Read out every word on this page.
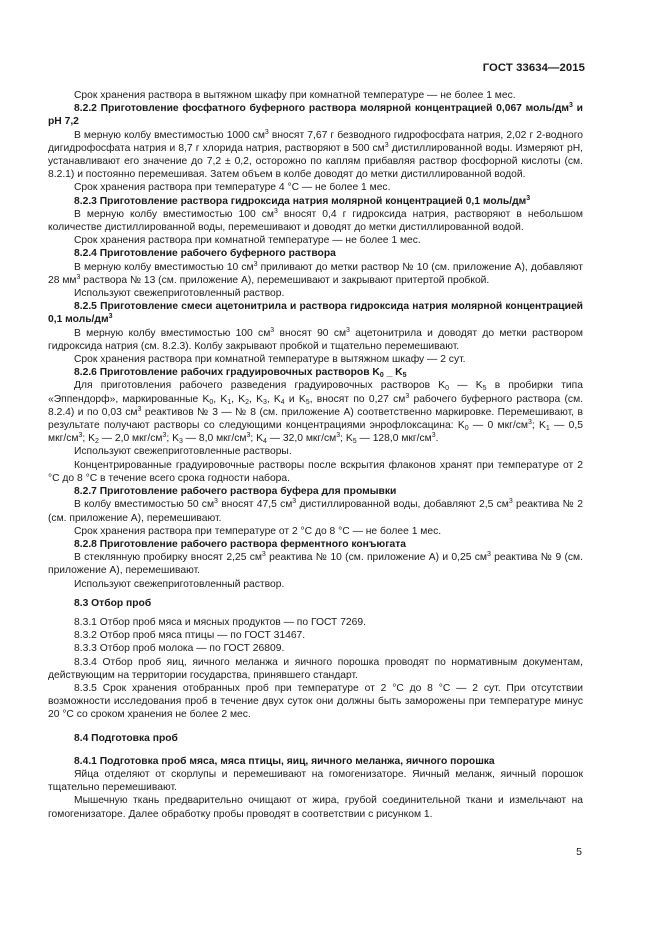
ГОСТ 33634—2015
Срок хранения раствора в вытяжном шкафу при комнатной температуре — не более 1 мес.
8.2.2 Приготовление фосфатного буферного раствора молярной концентрацией 0,067 моль/$дм^3$ и pH 7,2
В мерную колбу вместимостью 1000 $см^3$ вносят 7,67 г безводного гидрофосфата натрия, 2,02 г 2-водного дигидрофосфата натрия и 8,7 г хлорида натрия, растворяют в 500 $см^3$ дистиллированной воды. Измеряют pH, устанавливают его значение до 7,2 ± 0,2, осторожно по каплям прибавляя раствор фосфорной кислоты (см. 8.2.1) и постоянно перемешивая. Затем объем в колбе доводят до метки дистиллированной водой.
Срок хранения раствора при температуре 4 °С — не более 1 мес.
8.2.3 Приготовление раствора гидроксида натрия молярной концентрацией 0,1 моль/$дм^3$
В мерную колбу вместимостью 100 $см^3$ вносят 0,4 г гидроксида натрия, растворяют в небольшом количестве дистиллированной воды, перемешивают и доводят до метки дистиллированной водой.
Срок хранения раствора при комнатной температуре — не более 1 мес.
8.2.4 Приготовление рабочего буферного раствора
В мерную колбу вместимостью 10 $см^3$ приливают до метки раствор № 10 (см. приложение А), добавляют 28 $мм^3$ раствора № 13 (см. приложение А), перемешивают и закрывают притертой пробкой.
Используют свежеприготовленный раствор.
8.2.5 Приготовление смеси ацетонитрила и раствора гидроксида натрия молярной концентрацией 0,1 моль/$дм^3$
В мерную колбу вместимостью 100 $см^3$ вносят 90 $см^3$ ацетонитрила и доводят до метки раствором гидроксида натрия (см. 8.2.3). Колбу закрывают пробкой и тщательно перемешивают.
Срок хранения раствора при комнатной температуре в вытяжном шкафу — 2 сут.
8.2.6 Приготовление рабочих градуировочных растворов $K_0$ _ $K_5$
Для приготовления рабочего разведения градуировочных растворов $K_0$ — $K_5$ в пробирки типа «Эппендорф», маркированные $K_0$, $K_1$, $K_2$, $K_3$, $K_4$ и $K_5$, вносят по 0,27 $см^3$ рабочего буферного раствора (см. 8.2.4) и по 0,03 $см^3$ реактивов № 3 — № 8 (см. приложение А) соответственно маркировке. Перемешивают, в результате получают растворы со следующими концентрациями энрофлоксацина: $K_0$ — 0 мкг/$см^3$; $K_1$ — 0,5 мкг/$см^3$; $K_2$ — 2,0 мкг/$см^3$; $K_3$ — 8,0 мкг/$см^3$; $K_4$ — 32,0 мкг/$см^3$; $K_5$ — 128,0 мкг/$см^3$.
Используют свежеприготовленные растворы.
Концентрированные градуировочные растворы после вскрытия флаконов хранят при температуре от 2 °С до 8 °С в течение всего срока годности набора.
8.2.7 Приготовление рабочего раствора буфера для промывки
В колбу вместимостью 50 $см^3$ вносят 47,5 $см^3$ дистиллированной воды, добавляют 2,5 $см^3$ реактива № 2 (см. приложение А), перемешивают.
Срок хранения раствора при температуре от 2 °С до 8 °С — не более 1 мес.
8.2.8 Приготовление рабочего раствора ферментного конъюгата
В стеклянную пробирку вносят 2,25 $см^3$ реактива № 10 (см. приложение А) и 0,25 $см^3$ реактива № 9 (см. приложение А), перемешивают.
Используют свежеприготовленный раствор.
8.3 Отбор проб
8.3.1 Отбор проб мяса и мясных продуктов — по ГОСТ 7269.
8.3.2 Отбор проб мяса птицы — по ГОСТ 31467.
8.3.3 Отбор проб молока — по ГОСТ 26809.
8.3.4 Отбор проб яиц, яичного меланжа и яичного порошка проводят по нормативным документам, действующим на территории государства, принявшего стандарт.
8.3.5 Срок хранения отобранных проб при температуре от 2 °С до 8 °С — 2 сут. При отсутствии возможности исследования проб в течение двух суток они должны быть заморожены при температуре минус 20 °С со сроком хранения не более 2 мес.
8.4 Подготовка проб
8.4.1 Подготовка проб мяса, мяса птицы, яиц, яичного меланжа, яичного порошка
Яйца отделяют от скорлупы и перемешивают на гомогенизаторе. Яичный меланж, яичный порошок тщательно перемешивают.
Мышечную ткань предварительно очищают от жира, грубой соединительной ткани и измельчают на гомогенизаторе. Далее обработку пробы проводят в соответствии с рисунком 1.
5
